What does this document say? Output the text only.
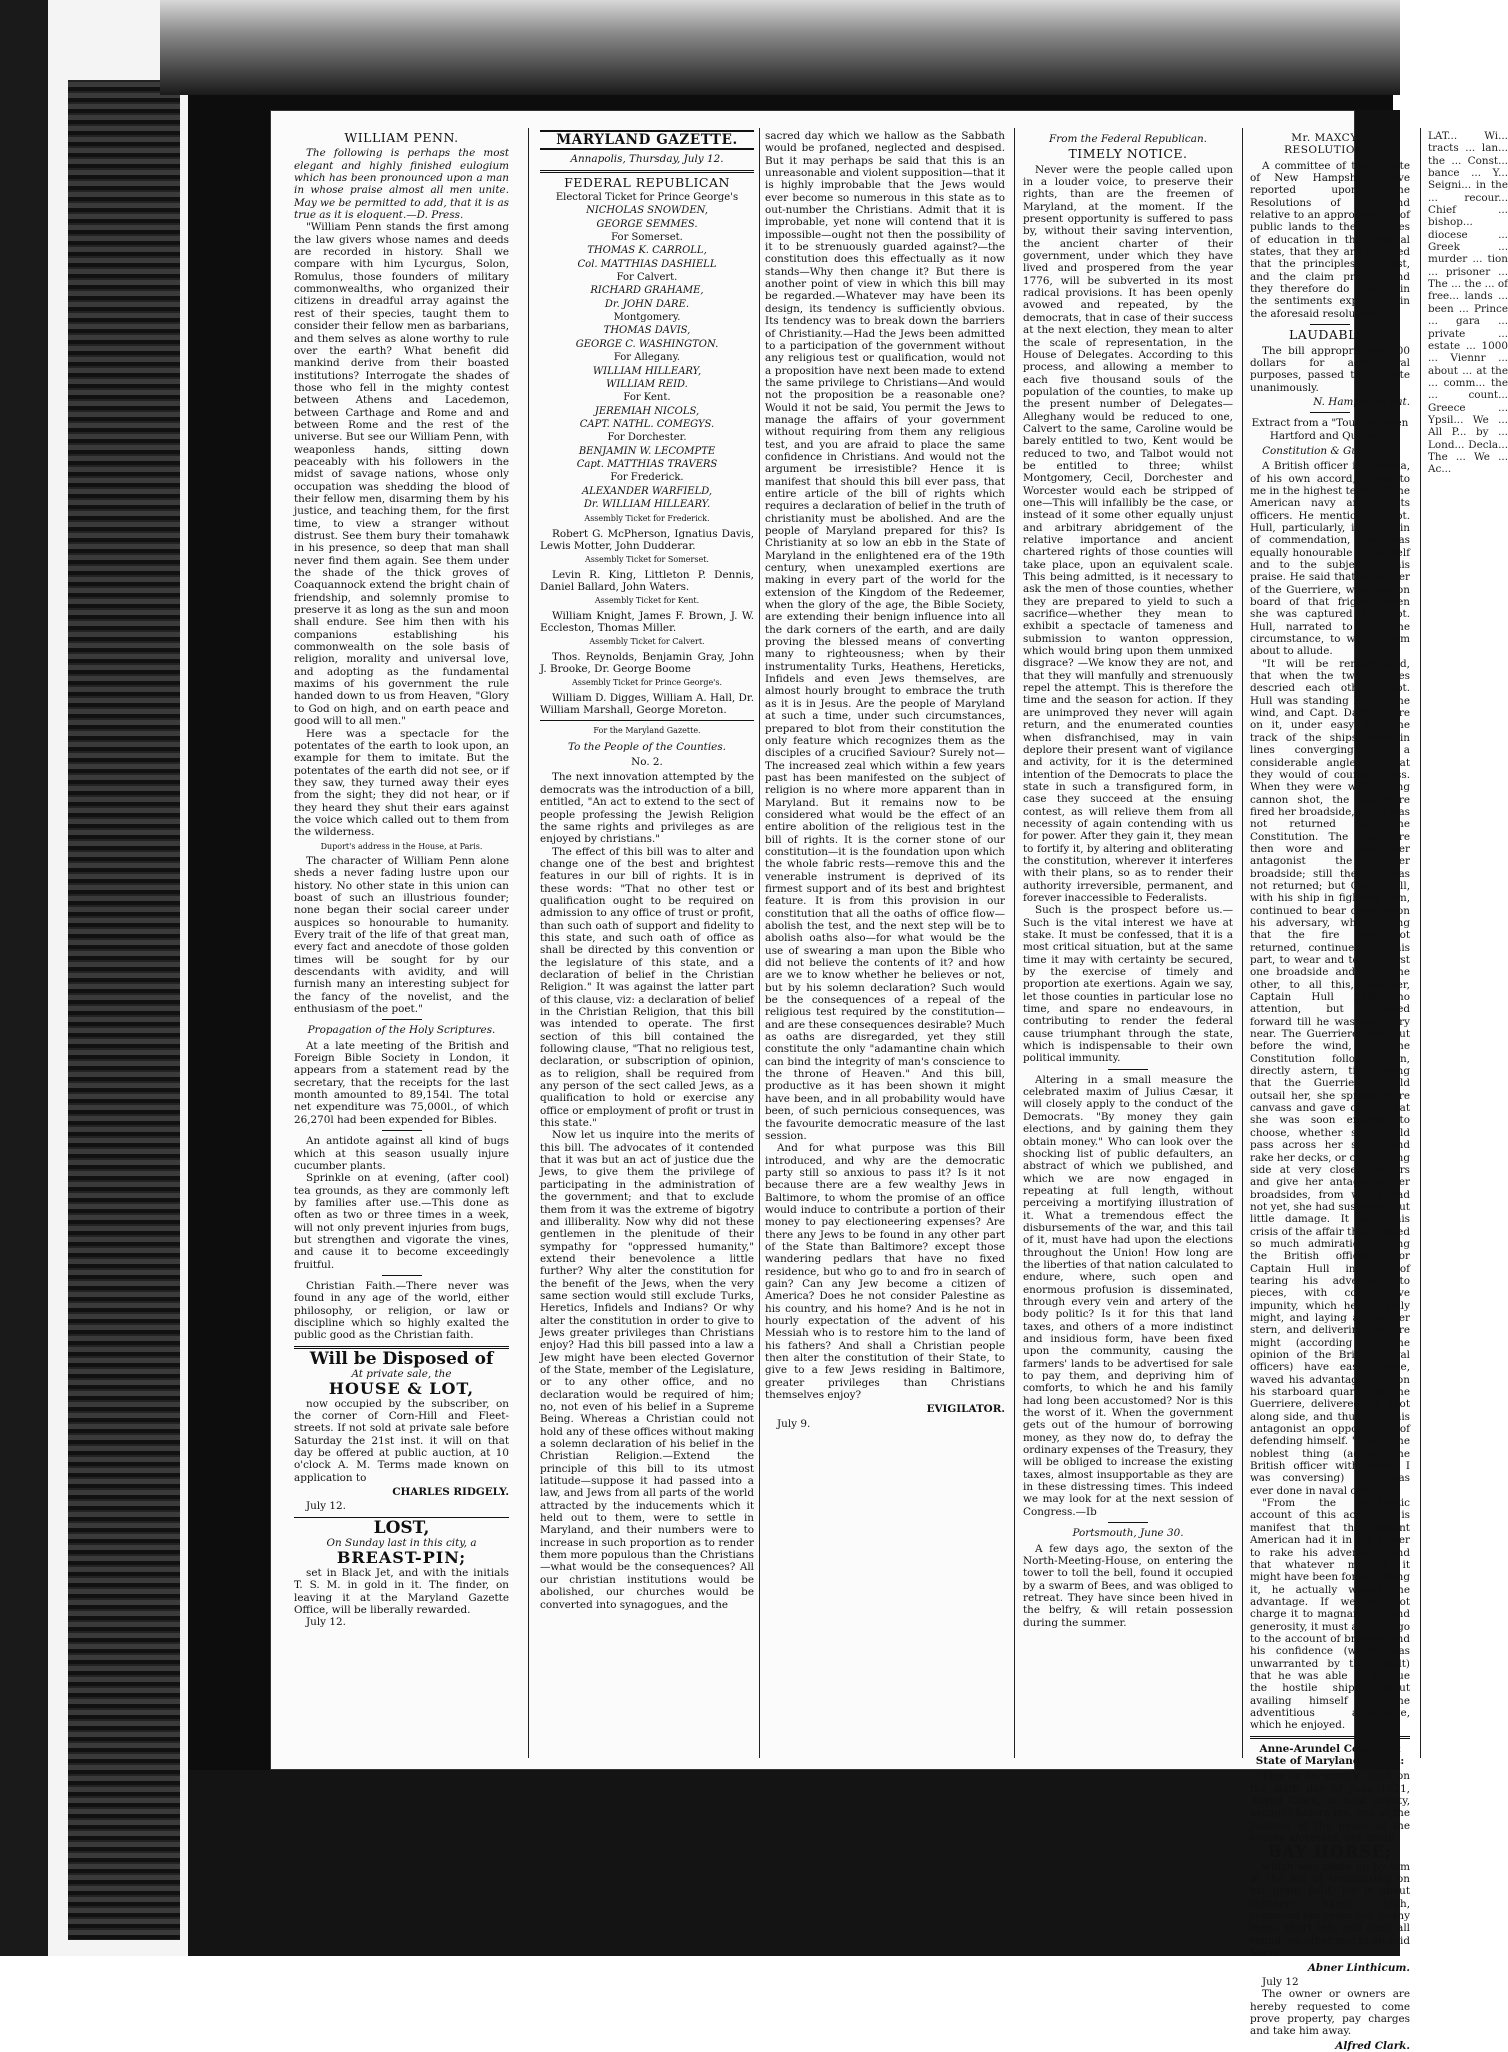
WILLIAM PENN.

The following is perhaps the most elegant and highly finished eulogium which has been pronounced upon a man in whose praise almost all men unite. May we be permitted to add, that it is as true as it is eloquent.—D. Press.

"William Penn stands the first among the law givers whose names and deeds are recorded in history. Shall we compare with him Lycurgus, Solon, Romulus, those founders of military commonwealths, who organized their citizens in dreadful array against the rest of their species, taught them to consider their fellow men as barbarians, and them selves as alone worthy to rule over the earth? What benefit did mankind derive from their boasted institutions? Interrogate the shades of those who fell in the mighty contest between Athens and Lacedemon, between Carthage and Rome and and between Rome and the rest of the universe. But see our William Penn, with weaponless hands, sitting down peaceably with his followers in the midst of savage nations, whose only occupation was shedding the blood of their fellow men, disarming them by his justice, and teaching them, for the first time, to view a stranger without distrust. See them bury their tomahawk in his presence, so deep that man shall never find them again. See them under the shade of the thick groves of Coaquannock extend the bright chain of friendship, and solemnly promise to preserve it as long as the sun and moon shall endure. See him then with his companions establishing his commonwealth on the sole basis of religion, morality and universal love, and adopting as the fundamental maxims of his government the rule handed down to us from Heaven, "Glory to God on high, and on earth peace and good will to all men."

Here was a spectacle for the potentates of the earth to look upon, an example for them to imitate. But the potentates of the earth did not see, or if they saw, they turned away their eyes from the sight; they did not hear, or if they heard they shut their ears against the voice which called out to them from the wilderness.

Duport's address in the House, at Paris.

The character of William Penn alone sheds a never fading lustre upon our history. No other state in this union can boast of such an illustrious founder; none began their social career under auspices so honourable to humanity. Every trait of the life of that great man, every fact and anecdote of those golden times will be sought for by our descendants with avidity, and will furnish many an interesting subject for the fancy of the novelist, and the enthusiasm of the poet."

Propagation of the Holy Scriptures.

At a late meeting of the British and Foreign Bible Society in London, it appears from a statement read by the secretary, that the receipts for the last month amounted to 89,154l. The total net expenditure was 75,000l., of which 26,270l had been expended for Bibles.

An antidote against all kind of bugs which at this season usually injure cucumber plants.

Sprinkle on at evening, (after cool) tea grounds, as they are commonly left by families after use.—This done as often as two or three times in a week, will not only prevent injuries from bugs, but strengthen and vigorate the vines, and cause it to become exceedingly fruitful.

Christian Faith.—There never was found in any age of the world, either philosophy, or religion, or law or discipline which so highly exalted the public good as the Christian faith.

Will be Disposed of

At private sale, the

HOUSE & LOT,

now occupied by the subscriber, on the corner of Corn-Hill and Fleet-streets. If not sold at private sale before Saturday the 21st inst. it will on that day be offered at public auction, at 10 o'clock A. M. Terms made known on application to

CHARLES RIDGELY.

July 12.

LOST,

On Sunday last in this city, a

BREAST-PIN;

set in Black Jet, and with the initials T. S. M. in gold in it. The finder, on leaving it at the Maryland Gazette Office, will be liberally rewarded.

July 12.

MARYLAND GAZETTE.

Annapolis, Thursday, July 12.

FEDERAL REPUBLICAN

Electoral Ticket for Prince George's

NICHOLAS SNOWDEN,

GEORGE SEMMES.

For Somerset.

THOMAS K. CARROLL,

Col. MATTHIAS DASHIELL

For Calvert.

RICHARD GRAHAME,

Dr. JOHN DARE.

Montgomery.

THOMAS DAVIS,

GEORGE C. WASHINGTON.

For Allegany.

WILLIAM HILLEARY,

WILLIAM REID.

For Kent.

JEREMIAH NICOLS,

CAPT. NATHL. COMEGYS.

For Dorchester.

BENJAMIN W. LECOMPTE

Capt. MATTHIAS TRAVERS

For Frederick.

ALEXANDER WARFIELD,

Dr. WILLIAM HILLEARY.

Assembly Ticket for Frederick.

Robert G. McPherson, Ignatius Davis, Lewis Motter, John Dudderar.

Assembly Ticket for Somerset.

Levin R. King, Littleton P. Dennis, Daniel Ballard, John Waters.

Assembly Ticket for Kent.

William Knight, James F. Brown, J. W. Eccleston, Thomas Miller.

Assembly Ticket for Calvert.

Thos. Reynolds, Benjamin Gray, John J. Brooke, Dr. George Boome

Assembly Ticket for Prince George's.

William D. Digges, William A. Hall, Dr. William Marshall, George Moreton.

For the Maryland Gazette.

To the People of the Counties.

No. 2.

The next innovation attempted by the democrats was the introduction of a bill, entitled, "An act to extend to the sect of people professing the Jewish Religion the same rights and privileges as are enjoyed by christians."

The effect of this bill was to alter and change one of the best and brightest features in our bill of rights. It is in these words: "That no other test or qualification ought to be required on admission to any office of trust or profit, than such oath of support and fidelity to this state, and such oath of office as shall be directed by this convention or the legislature of this state, and a declaration of belief in the Christian Religion." It was against the latter part of this clause, viz: a declaration of belief in the Christian Religion, that this bill was intended to operate. The first section of this bill contained the following clause, "That no religious test, declaration, or subscription of opinion, as to religion, shall be required from any person of the sect called Jews, as a qualification to hold or exercise any office or employment of profit or trust in this state."

Now let us inquire into the merits of this bill. The advocates of it contended that it was but an act of justice due the Jews, to give them the privilege of participating in the administration of the government; and that to exclude them from it was the extreme of bigotry and illiberality. Now why did not these gentlemen in the plenitude of their sympathy for "oppressed humanity," extend their benevolence a little further? Why alter the constitution for the benefit of the Jews, when the very same section would still exclude Turks, Heretics, Infidels and Indians? Or why alter the constitution in order to give to Jews greater privileges than Christians enjoy? Had this bill passed into a law a Jew might have been elected Governor of the State, member of the Legislature, or to any other office, and no declaration would be required of him; no, not even of his belief in a Supreme Being. Whereas a Christian could not hold any of these offices without making a solemn declaration of his belief in the Christian Religion.—Extend the principle of this bill to its utmost latitude—suppose it had passed into a law, and Jews from all parts of the world attracted by the inducements which it held out to them, were to settle in Maryland, and their numbers were to increase in such proportion as to render them more populous than the Christians—what would be the consequences? All our christian institutions would be abolished, our churches would be converted into synagogues, and the

sacred day which we hallow as the Sabbath would be profaned, neglected and despised. But it may perhaps be said that this is an unreasonable and violent supposition—that it is highly improbable that the Jews would ever become so numerous in this state as to out-number the Christians. Admit that it is improbable, yet none will contend that it is impossible—ought not then the possibility of it to be strenuously guarded against?—the constitution does this effectually as it now stands—Why then change it? But there is another point of view in which this bill may be regarded.—Whatever may have been its design, its tendency is sufficiently obvious. Its tendency was to break down the barriers of Christianity.—Had the Jews been admitted to a participation of the government without any religious test or qualification, would not a proposition have next been made to extend the same privilege to Christians—And would not the proposition be a reasonable one? Would it not be said, You permit the Jews to manage the affairs of your government without requiring from them any religious test, and you are afraid to place the same confidence in Christians. And would not the argument be irresistible? Hence it is manifest that should this bill ever pass, that entire article of the bill of rights which requires a declaration of belief in the truth of christianity must be abolished. And are the people of Maryland prepared for this? Is Christianity at so low an ebb in the State of Maryland in the enlightened era of the 19th century, when unexampled exertions are making in every part of the world for the extension of the Kingdom of the Redeemer, when the glory of the age, the Bible Society, are extending their benign influence into all the dark corners of the earth, and are daily proving the blessed means of converting many to righteousness; when by their instrumentality Turks, Heathens, Hereticks, Infidels and even Jews themselves, are almost hourly brought to embrace the truth as it is in Jesus. Are the people of Maryland at such a time, under such circumstances, prepared to blot from their constitution the only feature which recognizes them as the disciples of a crucified Saviour? Surely not—The increased zeal which within a few years past has been manifested on the subject of religion is no where more apparent than in Maryland. But it remains now to be considered what would be the effect of an entire abolition of the religious test in the bill of rights. It is the corner stone of our constitution—it is the foundation upon which the whole fabric rests—remove this and the venerable instrument is deprived of its firmest support and of its best and brightest feature. It is from this provision in our constitution that all the oaths of office flow—abolish the test, and the next step will be to abolish oaths also—for what would be the use of swearing a man upon the Bible who did not believe the contents of it? and how are we to know whether he believes or not, but by his solemn declaration? Such would be the consequences of a repeal of the religious test required by the constitution—and are these consequences desirable? Much as oaths are disregarded, yet they still constitute the only "adamantine chain which can bind the integrity of man's conscience to the throne of Heaven." And this bill, productive as it has been shown it might have been, and in all probability would have been, of such pernicious consequences, was the favourite democratic measure of the last session.

And for what purpose was this Bill introduced, and why are the democratic party still so anxious to pass it? Is it not because there are a few wealthy Jews in Baltimore, to whom the promise of an office would induce to contribute a portion of their money to pay electioneering expenses? Are there any Jews to be found in any other part of the State than Baltimore? except those wandering pedlars that have no fixed residence, but who go to and fro in search of gain? Can any Jew become a citizen of America? Does he not consider Palestine as his country, and his home? And is he not in hourly expectation of the advent of his Messiah who is to restore him to the land of his fathers? And shall a Christian people then alter the constitution of their State, to give to a few Jews residing in Baltimore, greater privileges than Christians themselves enjoy?

EVIGILATOR.

July 9.

From the Federal Republican.

TIMELY NOTICE.

Never were the people called upon in a louder voice, to preserve their rights, than are the freemen of Maryland, at the moment. If the present opportunity is suffered to pass by, without their saving intervention, the ancient charter of their government, under which they have lived and prospered from the year 1776, will be subverted in its most radical provisions. It has been openly avowed and repeated, by the democrats, that in case of their success at the next election, they mean to alter the scale of representation, in the House of Delegates. According to this process, and allowing a member to each five thousand souls of the population of the counties, to make up the present number of Delegates—Alleghany would be reduced to one, Calvert to the same, Caroline would be barely entitled to two, Kent would be reduced to two, and Talbot would not be entitled to three; whilst Montgomery, Cecil, Dorchester and Worcester would each be stripped of one—This will infallibly be the case, or instead of it some other equally unjust and arbitrary abridgement of the relative importance and ancient chartered rights of those counties will take place, upon an equivalent scale. This being admitted, is it necessary to ask the men of those counties, whether they are prepared to yield to such a sacrifice—whether they mean to exhibit a spectacle of tameness and submission to wanton oppression, which would bring upon them unmixed disgrace? —We know they are not, and that they will manfully and strenuously repel the attempt. This is therefore the time and the season for action. If they are unimproved they never will again return, and the enumerated counties when disfranchised, may in vain deplore their present want of vigilance and activity, for it is the determined intention of the Democrats to place the state in such a transfigured form, in case they succeed at the ensuing contest, as will relieve them from all necessity of again contending with us for power. After they gain it, they mean to fortify it, by altering and obliterating the constitution, wherever it interferes with their plans, so as to render their authority irreversible, permanent, and forever inaccessible to Federalists.

Such is the prospect before us.—Such is the vital interest we have at stake. It must be confessed, that it is a most critical situation, but at the same time it may with certainty be secured, by the exercise of timely and proportion ate exertions. Again we say, let those counties in particular lose no time, and spare no endeavours, in contributing to render the federal cause triumphant through the state, which is indispensable to their own political immunity.

Altering in a small measure the celebrated maxim of Julius Cæsar, it will closely apply to the conduct of the Democrats. "By money they gain elections, and by gaining them they obtain money." Who can look over the shocking list of public defaulters, an abstract of which we published, and which we are now engaged in repeating at full length, without perceiving a mortifying illustration of it. What a tremendous effect the disbursements of the war, and this tail of it, must have had upon the elections throughout the Union! How long are the liberties of that nation calculated to endure, where, such open and enormous profusion is disseminated, through every vein and artery of the body politic? Is it for this that land taxes, and others of a more indistinct and insidious form, have been fixed upon the community, causing the farmers' lands to be advertised for sale to pay them, and depriving him of comforts, to which he and his family had long been accustomed? Nor is this the worst of it. When the government gets out of the humour of borrowing money, as they now do, to defray the ordinary expenses of the Treasury, they will be obliged to increase the existing taxes, almost insupportable as they are in these distressing times. This indeed we may look for at the next session of Congress.—Ib

Portsmouth, June 30.

A few days ago, the sexton of the North-Meeting-House, on entering the tower to toll the bell, found it occupied by a swarm of Bees, and was obliged to retreat. They have since been hived in the belfry, & will retain possession during the summer.

Mr. MAXCY'S RESOLUTIONS.

A committee of the Senate of New Hampshire have reported upon the Resolutions of Maryland relative to an appropriation of public lands to the purposes of education in the original states, that they are satisfied that the principles are just, and the claim proper, and they therefore do concur in the sentiments expressed in the aforesaid resolutions.

LAUDABLE.

The bill appropriating 600 dollars for agricultural purposes, passed the Senate unanimously.

N. Hampshire Pat.

Extract from a "Tour between Hartford and Quebec."

Constitution & Guerriere.

A British officer in Canada, of his own accord, spoke to me in the highest terms of the American navy and of its officers. He mentioned Capt. Hull, particularly, in a strain of commendation, that was equally honourable to himself and to the subject of his praise. He said that an officer of the Guerriere, who was on board of that frigate when she was captured by Capt. Hull, narrated to him the circumstance, to which I am about to allude.

"It will be remembered, that when the two frigates descried each other, Capt. Hull was standing before the wind, and Capt. Dacres bore on it, under easy sail; the track of the ships were in lines converging at a considerable angle, so that they would of course, cross. When they were within long cannon shot, the Guerriere fired her broadside, but it was not returned by the Constitution. The Guerriere then wore and gave her antagonist the other broadside; still the fire was not returned; but Capt. Hull, with his ship in fighting trim, continued to bear down upon his adversary, who finding that the fire was not returned, continued, on his part, to wear and to fire, first one broadside and then the other, to all this, however, Captain Hull paid no attention, but pressed forward till he was now very near. The Guerriere then put before the wind, and the Constitution followed on, directly astern, till finding that the Guerriere would outsail her, she spread more canvass and gave chase, that she was soon enabled to choose, whether she would pass across her stern, and rake her decks, or come along side at very close quarters and give her antagonist her broadsides, from which had not yet, she had sustained but little damage. It was this crisis of the affair that excited so much admiration among the British officers, for Captain Hull instead of tearing his adversary to pieces, with comparative impunity, which he certainly might, and laying across her stern, and delivering his fire might (according to the opinion of the British naval officers) have easily done, waved his advantage, and on his starboard quarter of the Guerriere, delivered his shot along side, and thus gave his antagonist an opportunity of defending himself. "It was the noblest thing (added the British officer with whom I was conversing) that was ever done in naval conflict!"

"From the authentic account of this action, it is manifest that the gallant American had it in his power to rake his adversary, and that whatever motives it might have been for not doing it, he actually waved the advantage. If we do not charge it to magnanimity and generosity, it must at least, go to the account of bravery, and his confidence (which was unwarranted by the result) that he was able to subdue the hostile ship without availing himself of the adventitious advantage, which he enjoyed.

Anne-Arundel County, & State of Maryland, to wit:

This is to certify, that on the sixth day of June 1821, Alfred Clark, of said county, brought before me, one of the Justices of the peace of the county aforesaid, one small

BAY HORSE;

which was taken up by him in the act of trespassing on his grain field. He is about thirteen hands high, supposed ten years old, bushy main, short tail, and shod all round, no other marks on said horse.

Abner Linthicum.

July 12

The owner or owners are hereby requested to come prove property, pay charges and take him away.

Alfred Clark.

LAT... Wi... tracts ... lan... the ... Const... bance ... Y... Seigni... in the ... recour... Chief ... bishop... diocese ... Greek ... murder ... tion ... prisoner ... The ... the ... of free... lands ... been ... Prince ... gara ... private ... estate ... 1000 ... Viennr ... about ... at the ... comm... the ... count... Greece ... Ypsil... We ... All P... by ... Lond... Decla... The ... We ... Ac...
